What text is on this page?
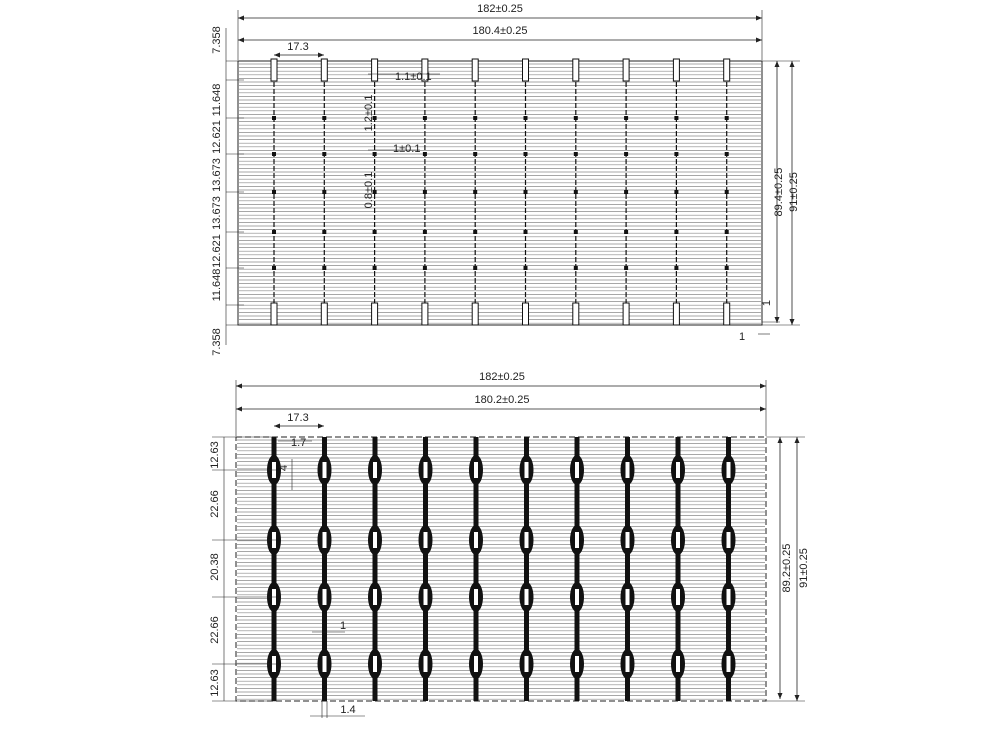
182±0.25
180.4±0.25
17.3
1.1±0.1
1.2±0.1
1±0.1
0.8±0.1	89.4±0.25 91±0.25
1
1
7.358
11.648
12.621
13.673
13.673
12.621
11.648
7.358
182±0.25
180.2±0.25
17.3
1.7
4
1
1.4
89.2±0.25 91±0.25
12.63
22.66
20.38
22.66
12.63
